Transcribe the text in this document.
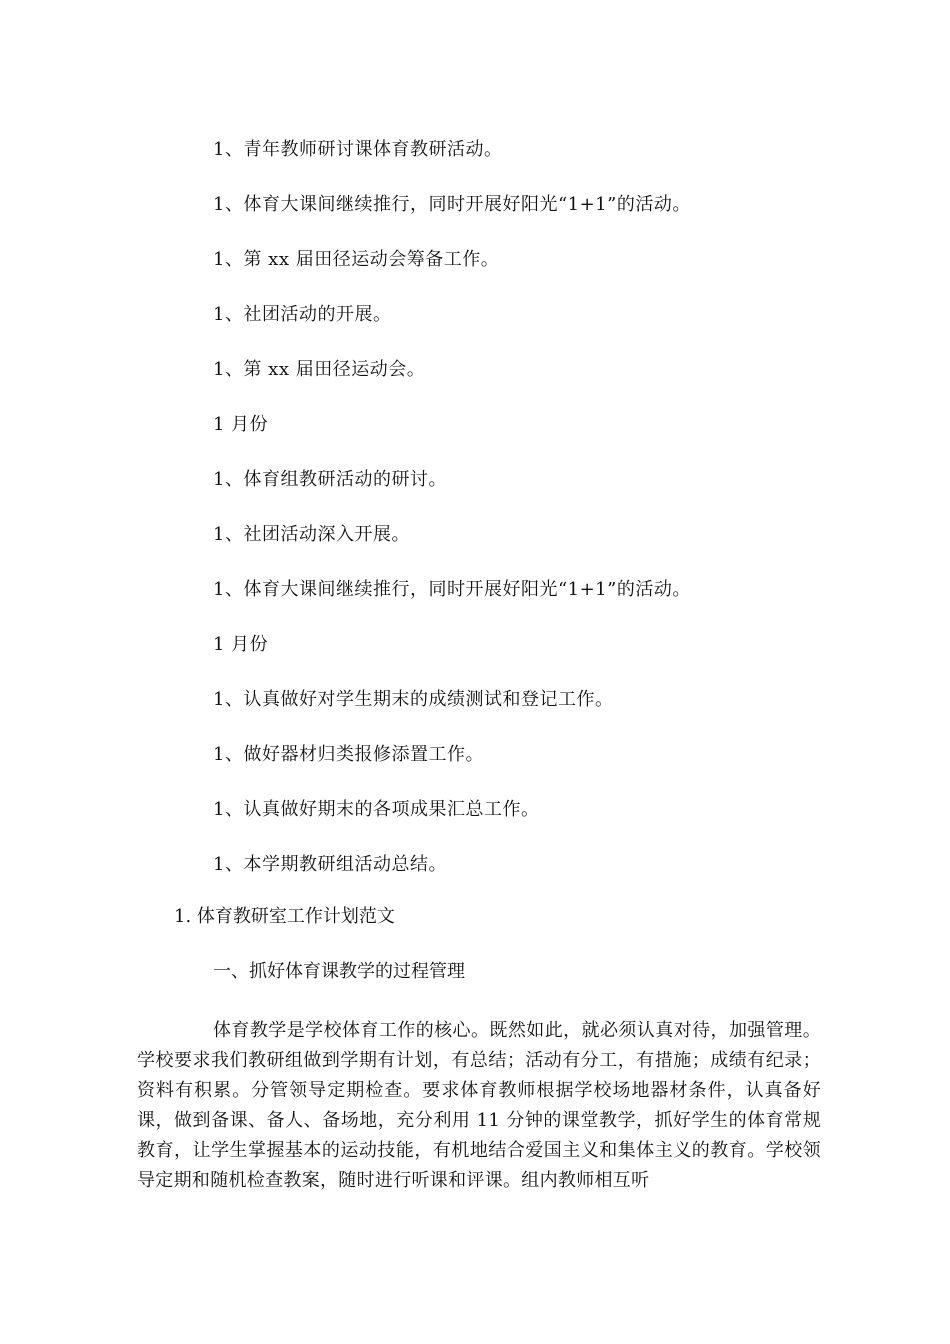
1、青年教师研讨课体育教研活动。
1、体育大课间继续推行，同时开展好阳光“1+1”的活动。
1、第 xx 届田径运动会筹备工作。
1、社团活动的开展。
1、第 xx 届田径运动会。
1 月份
1、体育组教研活动的研讨。
1、社团活动深入开展。
1、体育大课间继续推行，同时开展好阳光“1+1”的活动。
1 月份
1、认真做好对学生期末的成绩测试和登记工作。
1、做好器材归类报修添置工作。
1、认真做好期末的各项成果汇总工作。
1、本学期教研组活动总结。
1. 体育教研室工作计划范文
一、抓好体育课教学的过程管理
体育教学是学校体育工作的核心。既然如此，就必须认真对待，加强管理。学校要求我们教研组做到学期有计划，有总结；活动有分工，有措施；成绩有纪录；资料有积累。分管领导定期检查。要求体育教师根据学校场地器材条件，认真备好课，做到备课、备人、备场地，充分利用 11 分钟的课堂教学，抓好学生的体育常规教育，让学生掌握基本的运动技能，有机地结合爱国主义和集体主义的教育。学校领导定期和随机检查教案，随时进行听课和评课。组内教师相互听
